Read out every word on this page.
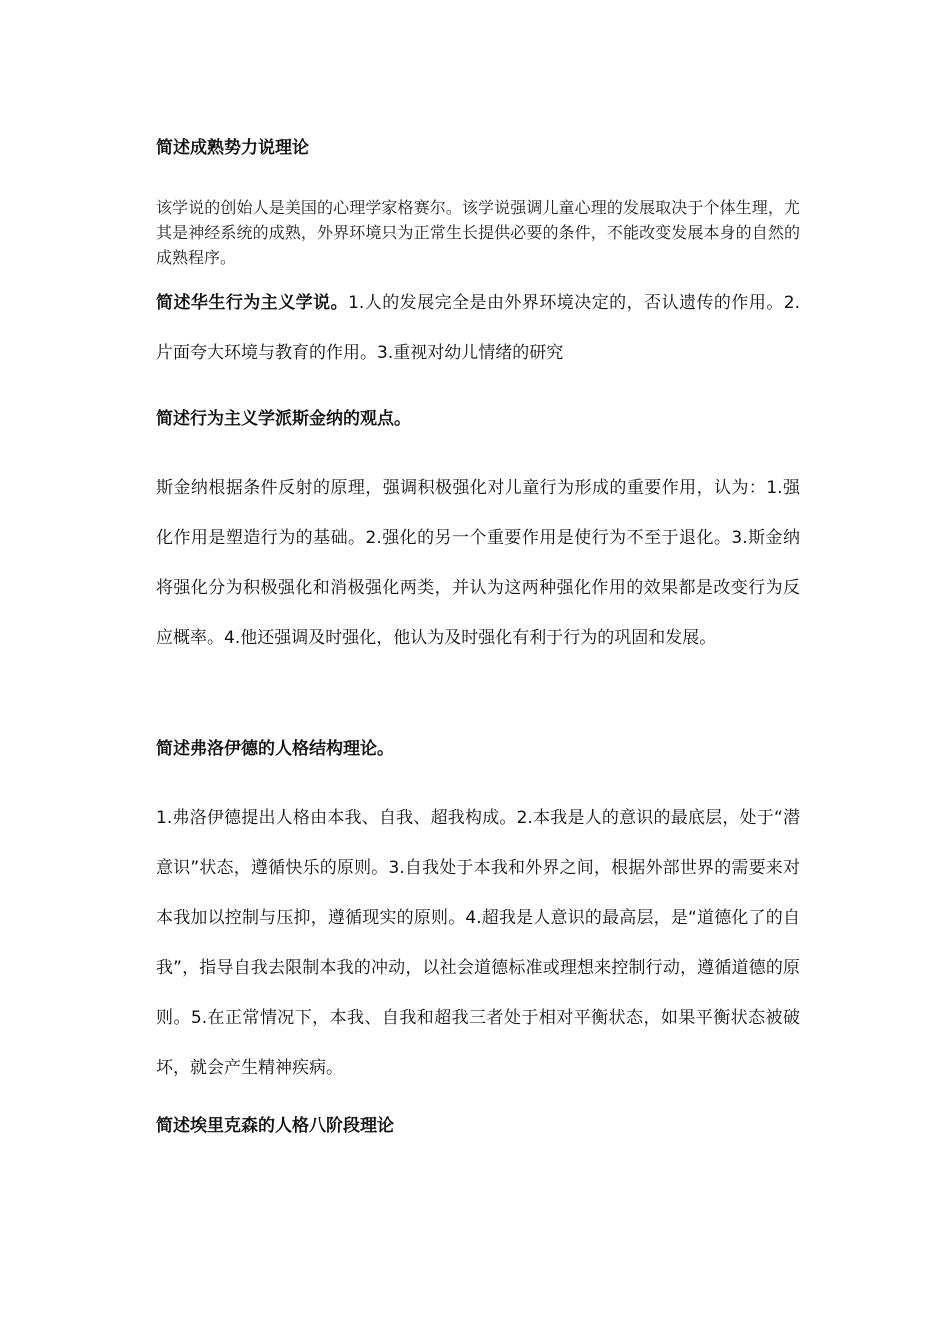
简述成熟势力说理论

该学说的创始人是美国的心理学家格赛尔。该学说强调儿童心理的发展取决于个体生理，尤其是神经系统的成熟，外界环境只为正常生长提供必要的条件，不能改变发展本身的自然的成熟程序。

简述华生行为主义学说。1.人的发展完全是由外界环境决定的，否认遗传的作用。2.片面夸大环境与教育的作用。3.重视对幼儿情绪的研究

简述行为主义学派斯金纳的观点。

斯金纳根据条件反射的原理，强调积极强化对儿童行为形成的重要作用，认为：1.强化作用是塑造行为的基础。2.强化的另一个重要作用是使行为不至于退化。3.斯金纳将强化分为积极强化和消极强化两类，并认为这两种强化作用的效果都是改变行为反应概率。4.他还强调及时强化，他认为及时强化有利于行为的巩固和发展。

简述弗洛伊德的人格结构理论。

1.弗洛伊德提出人格由本我、自我、超我构成。2.本我是人的意识的最底层，处于“潜意识”状态，遵循快乐的原则。3.自我处于本我和外界之间，根据外部世界的需要来对本我加以控制与压抑，遵循现实的原则。4.超我是人意识的最高层，是“道德化了的自我”，指导自我去限制本我的冲动，以社会道德标准或理想来控制行动，遵循道德的原则。5.在正常情况下，本我、自我和超我三者处于相对平衡状态，如果平衡状态被破坏，就会产生精神疾病。

简述埃里克森的人格八阶段理论
